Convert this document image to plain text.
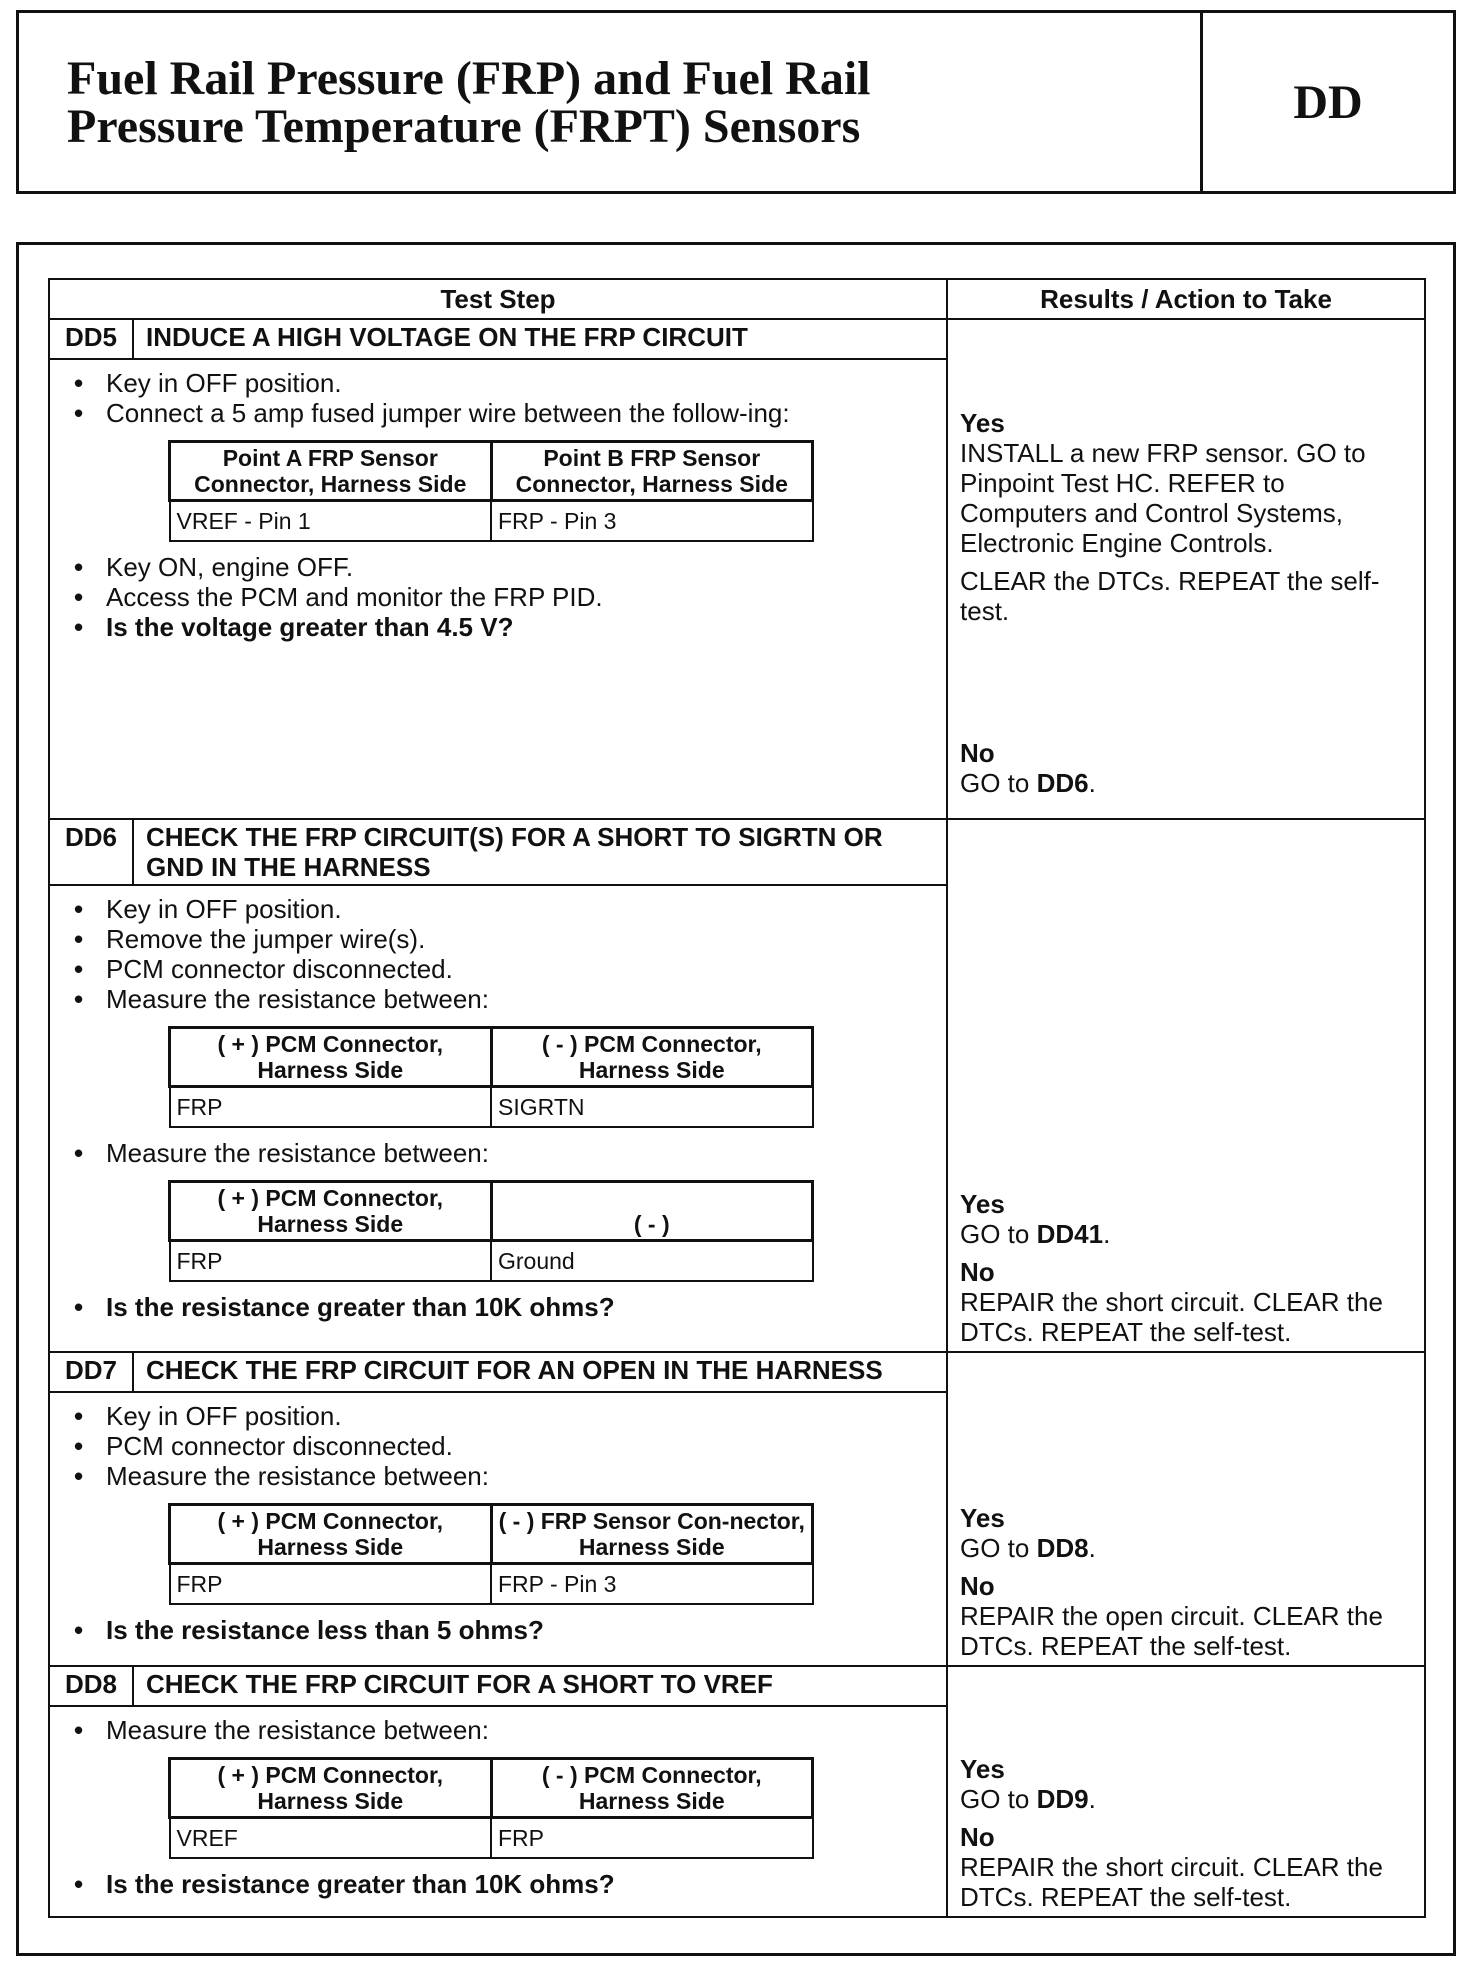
Fuel Rail Pressure (FRP) and Fuel Rail
Pressure Temperature (FRPT) Sensors	DD
Test Step	Results / Action to Take
DD5	INDUCE A HIGH VOLTAGE ON THE FRP CIRCUIT	
Yes
INSTALL a new FRP sensor. GO to Pinpoint Test HC. REFER to Computers and Control Systems, Electronic Engine Controls.
CLEAR the DTCs. REPEAT the self-test.
No
GO to DD6.

• Key in OFF position.
• Connect a 5 amp fused jumper wire between the follow-ing:
Point A FRP Sensor Connector, Harness Side	Point B FRP Sensor Connector, Harness Side
VREF - Pin 1	FRP - Pin 3
• Key ON, engine OFF.
• Access the PCM and monitor the FRP PID.
• Is the voltage greater than 4.5 V?

DD6	CHECK THE FRP CIRCUIT(S) FOR A SHORT TO SIGRTN OR GND IN THE HARNESS	
Yes
GO to DD41.
No
REPAIR the short circuit. CLEAR the DTCs. REPEAT the self-test.

• Key in OFF position.
• Remove the jumper wire(s).
• PCM connector disconnected.
• Measure the resistance between:
( + ) PCM Connector, Harness Side	( - ) PCM Connector, Harness Side
FRP	SIGRTN
• Measure the resistance between:
( + ) PCM Connector, Harness Side	( - )
FRP	Ground
• Is the resistance greater than 10K ohms?

DD7	CHECK THE FRP CIRCUIT FOR AN OPEN IN THE HARNESS	
Yes
GO to DD8.
No
REPAIR the open circuit. CLEAR the DTCs. REPEAT the self-test.

• Key in OFF position.
• PCM connector disconnected.
• Measure the resistance between:
( + ) PCM Connector, Harness Side	( - ) FRP Sensor Con-nector, Harness Side
FRP	FRP - Pin 3
• Is the resistance less than 5 ohms?

DD8	CHECK THE FRP CIRCUIT FOR A SHORT TO VREF	
Yes
GO to DD9.
No
REPAIR the short circuit. CLEAR the DTCs. REPEAT the self-test.

• Measure the resistance between:
( + ) PCM Connector, Harness Side	( - ) PCM Connector, Harness Side
VREF	FRP
• Is the resistance greater than 10K ohms?
